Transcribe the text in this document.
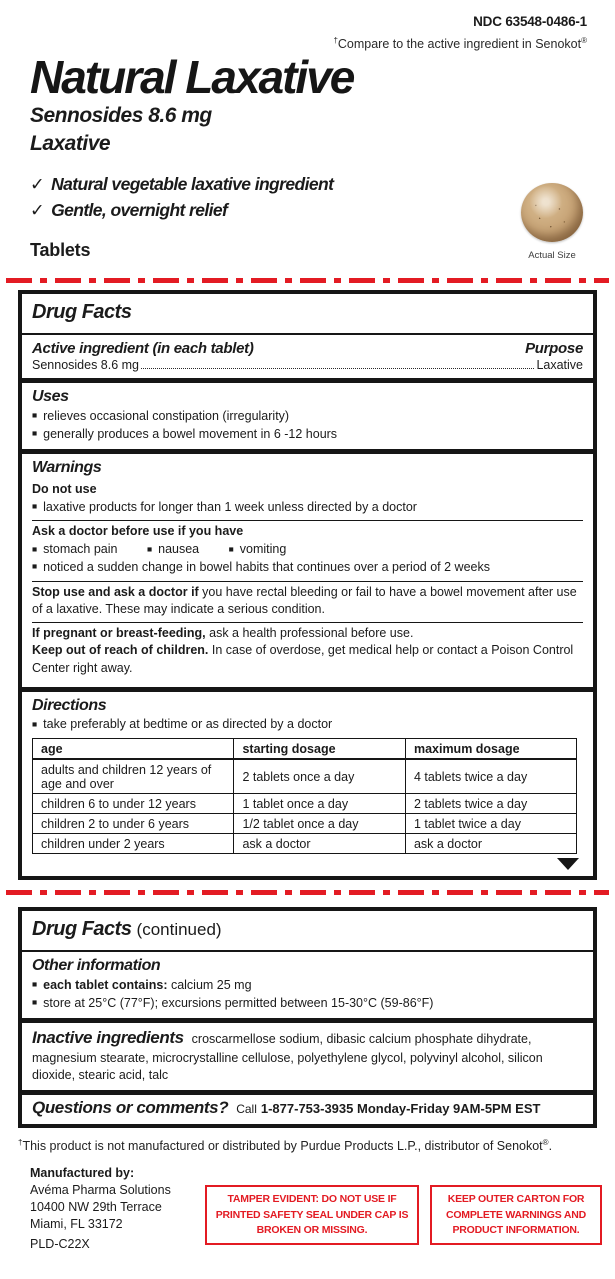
NDC 63548-0486-1
†Compare to the active ingredient in Senokot®
Natural Laxative
Sennosides 8.6 mg
Laxative
✓ Natural vegetable laxative ingredient
✓ Gentle, overnight relief
Tablets	Actual Size
Drug Facts
Active ingredient (in each tablet)	Purpose
Sennosides 8.6 mg	Laxative
Uses
■ relieves occasional constipation (irregularity)
■ generally produces a bowel movement in 6 -12 hours
Warnings
Do not use
■ laxative products for longer than 1 week unless directed by a doctor
Ask a doctor before use if you have
■ stomach pain	■ nausea	■ vomiting
■ noticed a sudden change in bowel habits that continues over a period of 2 weeks

Stop use and ask a doctor if you have rectal bleeding or fail to have a bowel movement after use of a laxative. These may indicate a serious condition.

If pregnant or breast-feeding, ask a health professional before use.

Keep out of reach of children. In case of overdose, get medical help or contact a Poison Control Center right away.

Directions
■ take preferably at bedtime or as directed by a doctor
age	starting dosage	maximum dosage
adults and children 12 years of age and over	2 tablets once a day	4 tablets twice a day
children 6 to under 12 years	1 tablet once a day	2 tablets twice a day
children 2 to under 6 years	1/2 tablet once a day	1 tablet twice a day
children under 2 years	ask a doctor	ask a doctor
Drug Facts (continued)
Other information
■ each tablet contains: calcium 25 mg
■ store at 25°C (77°F); excursions permitted between 15-30°C (59-86°F)

Inactive ingredients croscarmellose sodium, dibasic calcium phosphate dihydrate, magnesium stearate, microcrystalline cellulose, polyethylene glycol, polyvinyl alcohol, silicon dioxide, stearic acid, talc

Questions or comments? Call 1-877-753-3935 Monday-Friday 9AM-5PM EST

†This product is not manufactured or distributed by Purdue Products L.P., distributor of Senokot®.
Manufactured by:
Avéma Pharma Solutions
10400 NW 29th Terrace
Miami, FL 33172
TAMPER EVIDENT: DO NOT USE IF PRINTED SAFETY SEAL UNDER CAP IS BROKEN OR MISSING.
KEEP OUTER CARTON FOR COMPLETE WARNINGS AND PRODUCT INFORMATION.
PLD-C22X
